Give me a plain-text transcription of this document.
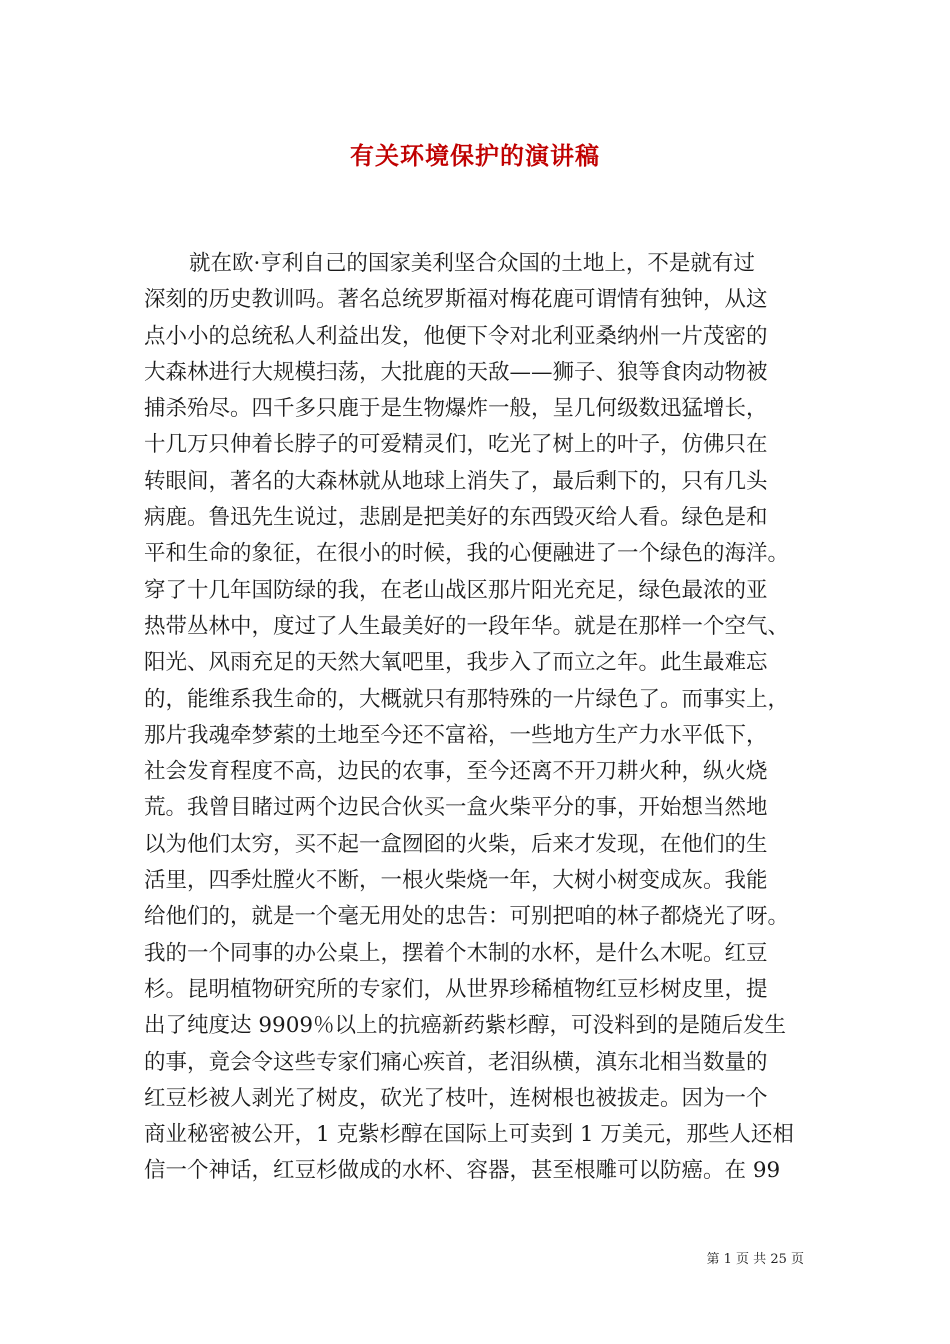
有关环境保护的演讲稿
就在欧·亨利自己的国家美利坚合众国的土地上，不是就有过
深刻的历史教训吗。著名总统罗斯福对梅花鹿可谓情有独钟，从这
点小小的总统私人利益出发，他便下令对北利亚桑纳州一片茂密的
大森林进行大规模扫荡，大批鹿的天敌——狮子、狼等食肉动物被
捕杀殆尽。四千多只鹿于是生物爆炸一般，呈几何级数迅猛增长，
十几万只伸着长脖子的可爱精灵们，吃光了树上的叶子，仿佛只在
转眼间，著名的大森林就从地球上消失了，最后剩下的，只有几头
病鹿。鲁迅先生说过，悲剧是把美好的东西毁灭给人看。绿色是和
平和生命的象征，在很小的时候，我的心便融进了一个绿色的海洋。
穿了十几年国防绿的我，在老山战区那片阳光充足，绿色最浓的亚
热带丛林中，度过了人生最美好的一段年华。就是在那样一个空气、
阳光、风雨充足的天然大氧吧里，我步入了而立之年。此生最难忘
的，能维系我生命的，大概就只有那特殊的一片绿色了。而事实上，
那片我魂牵梦萦的土地至今还不富裕，一些地方生产力水平低下，
社会发育程度不高，边民的农事，至今还离不开刀耕火种，纵火烧
荒。我曾目睹过两个边民合伙买一盒火柴平分的事，开始想当然地
以为他们太穷，买不起一盒囫囵的火柴，后来才发现，在他们的生
活里，四季灶膛火不断，一根火柴烧一年，大树小树变成灰。我能
给他们的，就是一个毫无用处的忠告：可别把咱的林子都烧光了呀。
我的一个同事的办公桌上，摆着个木制的水杯，是什么木呢。红豆
杉。昆明植物研究所的专家们，从世界珍稀植物红豆杉树皮里，提
出了纯度达 9909％以上的抗癌新药紫杉醇，可没料到的是随后发生
的事，竟会令这些专家们痛心疾首，老泪纵横，滇东北相当数量的
红豆杉被人剥光了树皮，砍光了枝叶，连树根也被拔走。因为一个
商业秘密被公开，1 克紫杉醇在国际上可卖到 1 万美元，那些人还相
信一个神话，红豆杉做成的水杯、容器，甚至根雕可以防癌。在 99
第 1 页 共 25 页
